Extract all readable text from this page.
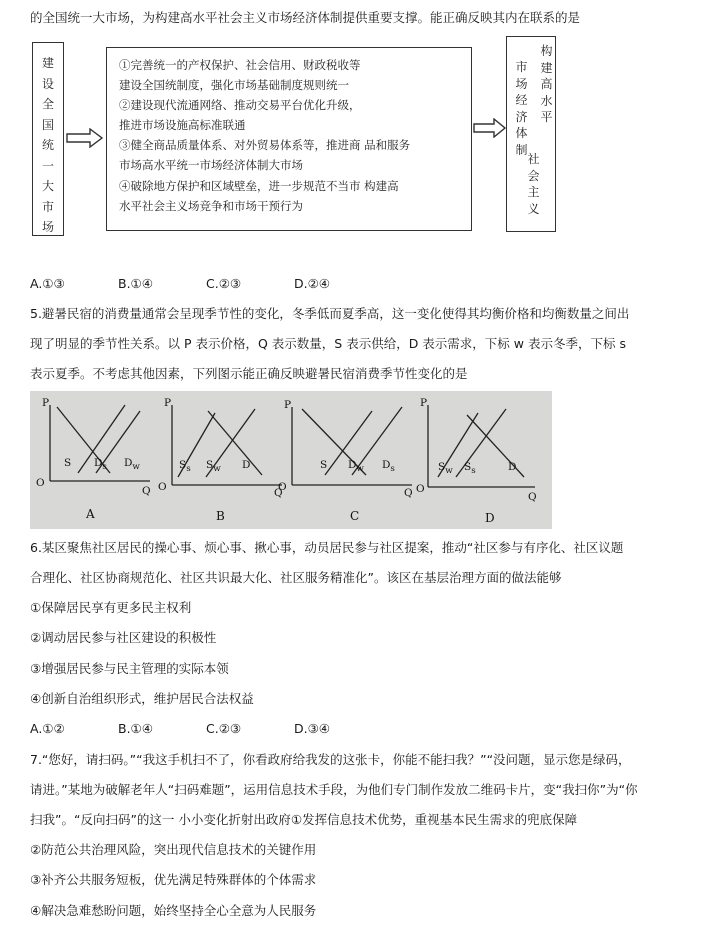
的全国统一大市场，为构建高水平社会主义市场经济体制提供重要支撑。能正确反映其内在联系的是
建设全国统一大市场
①完善统一的产权保护、社会信用、财政税收等
建设全国统制度，强化市场基础制度规则统一
②建设现代流通网络、推动交易平台优化升级，
推进市场设施高标准联通
③健全商品质量体系、对外贸易体系等，推进商 品和服务
市场高水平统一市场经济体制大市场
④破除地方保护和区域壁垒，进一步规范不当市 构建高
水平社会主义场竞争和市场干预行为
构建高水平
市场经济体制
社会主义
A.①③	B.①④	C.②③	D.②④
5.避暑民宿的消费量通常会呈现季节性的变化，冬季低而夏季高，这一变化使得其均衡价格和均衡数量之间出
现了明显的季节性关系。以 P 表示价格，Q 表示数量，S 表示供给，D 表示需求，下标 w 表示冬季，下标 s
表示夏季。不考虑其他因素，下列图示能正确反映避暑民宿消费季节性变化的是
P
O
Q
S $D_s$ $D_w$
A
P
O	Q
$S_s$ $S_w$ D
B
P
O	Q
S $D_w$ $D_s$
C
P
O
Q
$S_w$ $S_s$	D
D
6.某区聚焦社区居民的操心事、烦心事、揪心事，动员居民参与社区提案，推动“社区参与有序化、社区议题
合理化、社区协商规范化、社区共识最大化、社区服务精准化”。该区在基层治理方面的做法能够
①保障居民享有更多民主权利
②调动居民参与社区建设的积极性
③增强居民参与民主管理的实际本领
④创新自治组织形式，维护居民合法权益
A.①②	B.①④	C.②③	D.③④
7.“您好，请扫码。”“我这手机扫不了，你看政府给我发的这张卡，你能不能扫我？”“没问题，显示您是绿码，
请进。”某地为破解老年人“扫码难题”，运用信息技术手段，为他们专门制作发放二维码卡片，变“我扫你”为“你
扫我”。“反向扫码”的这一 小小变化折射出政府①发挥信息技术优势，重视基本民生需求的兜底保障
②防范公共治理风险，突出现代信息技术的关键作用
③补齐公共服务短板，优先满足特殊群体的个体需求
④解决急难愁盼问题，始终坚持全心全意为人民服务
